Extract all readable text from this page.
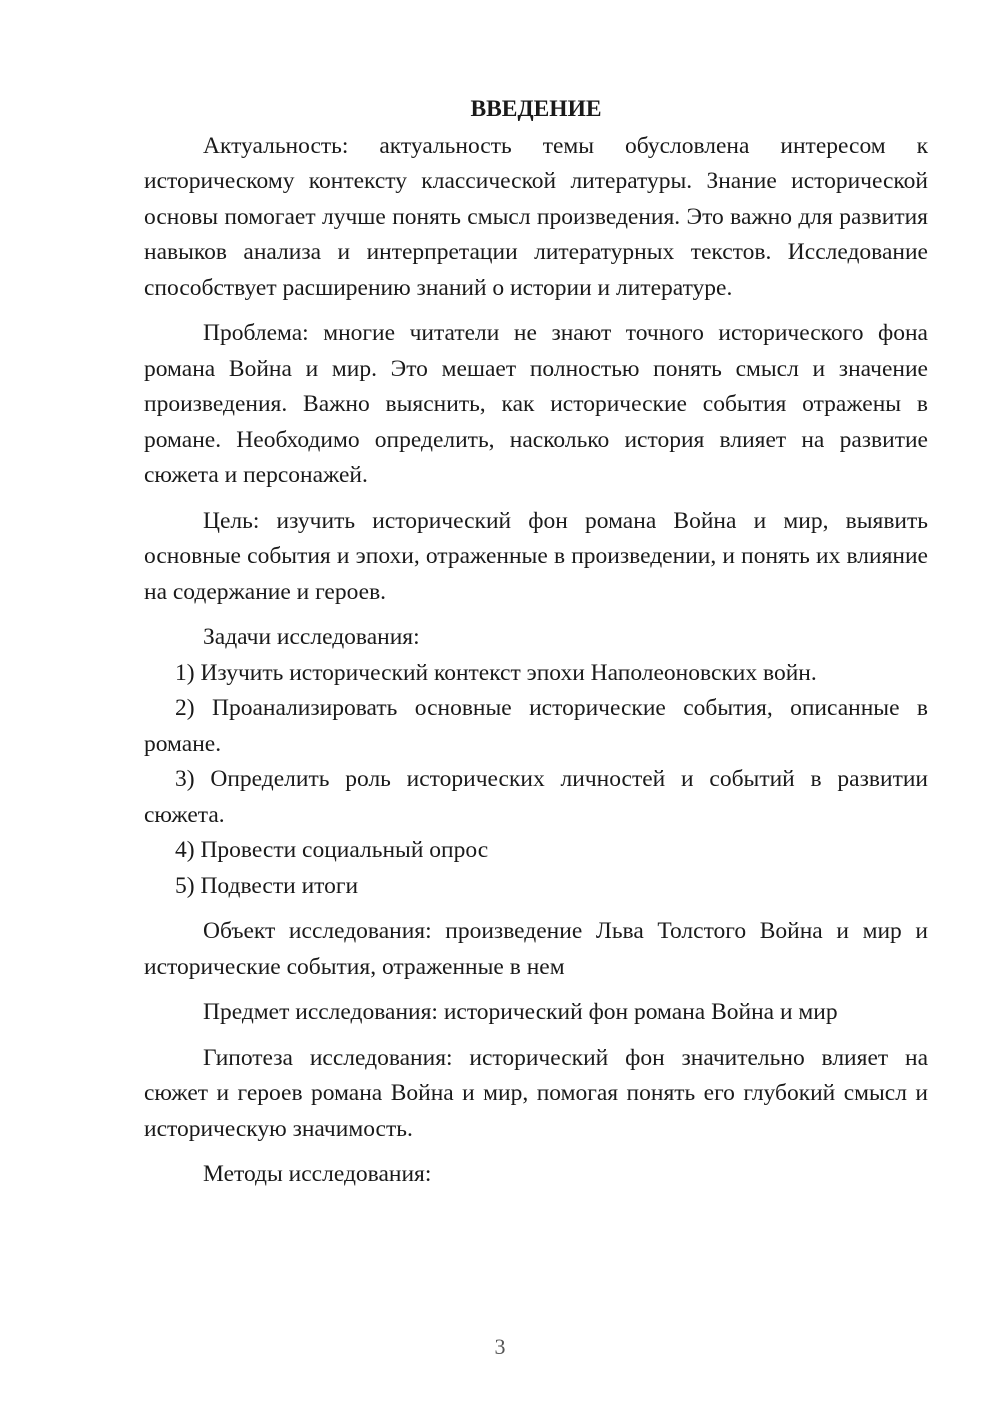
ВВЕДЕНИЕ

Актуальность: актуальность темы обусловлена интересом к историческому контексту классической литературы. Знание исторической основы помогает лучше понять смысл произведения. Это важно для развития навыков анализа и интерпретации литературных текстов. Исследование способствует расширению знаний о истории и литературе.

Проблема: многие читатели не знают точного исторического фона романа Война и мир. Это мешает полностью понять смысл и значение произведения. Важно выяснить, как исторические события отражены в романе. Необходимо определить, насколько история влияет на развитие сюжета и персонажей.

Цель: изучить исторический фон романа Война и мир, выявить основные события и эпохи, отраженные в произведении, и понять их влияние на содержание и героев.

Задачи исследования:

1) Изучить исторический контекст эпохи Наполеоновских войн.

2) Проанализировать основные исторические события, описанные в романе.

3) Определить роль исторических личностей и событий в развитии сюжета.

4) Провести социальный опрос

5) Подвести итоги

Объект исследования: произведение Льва Толстого Война и мир и исторические события, отраженные в нем

Предмет исследования: исторический фон романа Война и мир

Гипотеза исследования: исторический фон значительно влияет на сюжет и героев романа Война и мир, помогая понять его глубокий смысл и историческую значимость.

Методы исследования:

3
